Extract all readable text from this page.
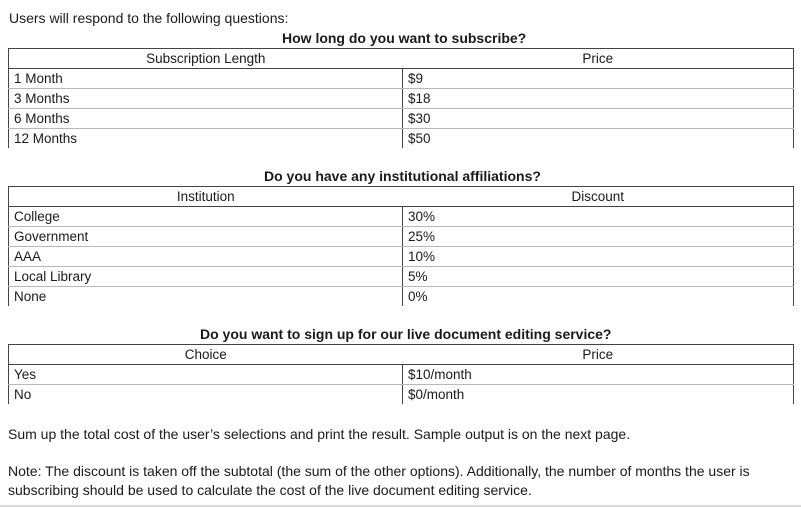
Users will respond to the following questions:
How long do you want to subscribe?
Subscription Length	Price
1 Month	$9
3 Months	$18
6 Months	$30
12 Months	$50
Do you have any institutional affiliations?
Institution	Discount
College	30%
Government	25%
AAA	10%
Local Library	5%
None	0%
Do you want to sign up for our live document editing service?
Choice	Price
Yes	$10/month
No	$0/month
Sum up the total cost of the user’s selections and print the result. Sample output is on the next page.
Note: The discount is taken off the subtotal (the sum of the other options). Additionally, the number of months the user is subscribing should be used to calculate the cost of the live document editing service.
